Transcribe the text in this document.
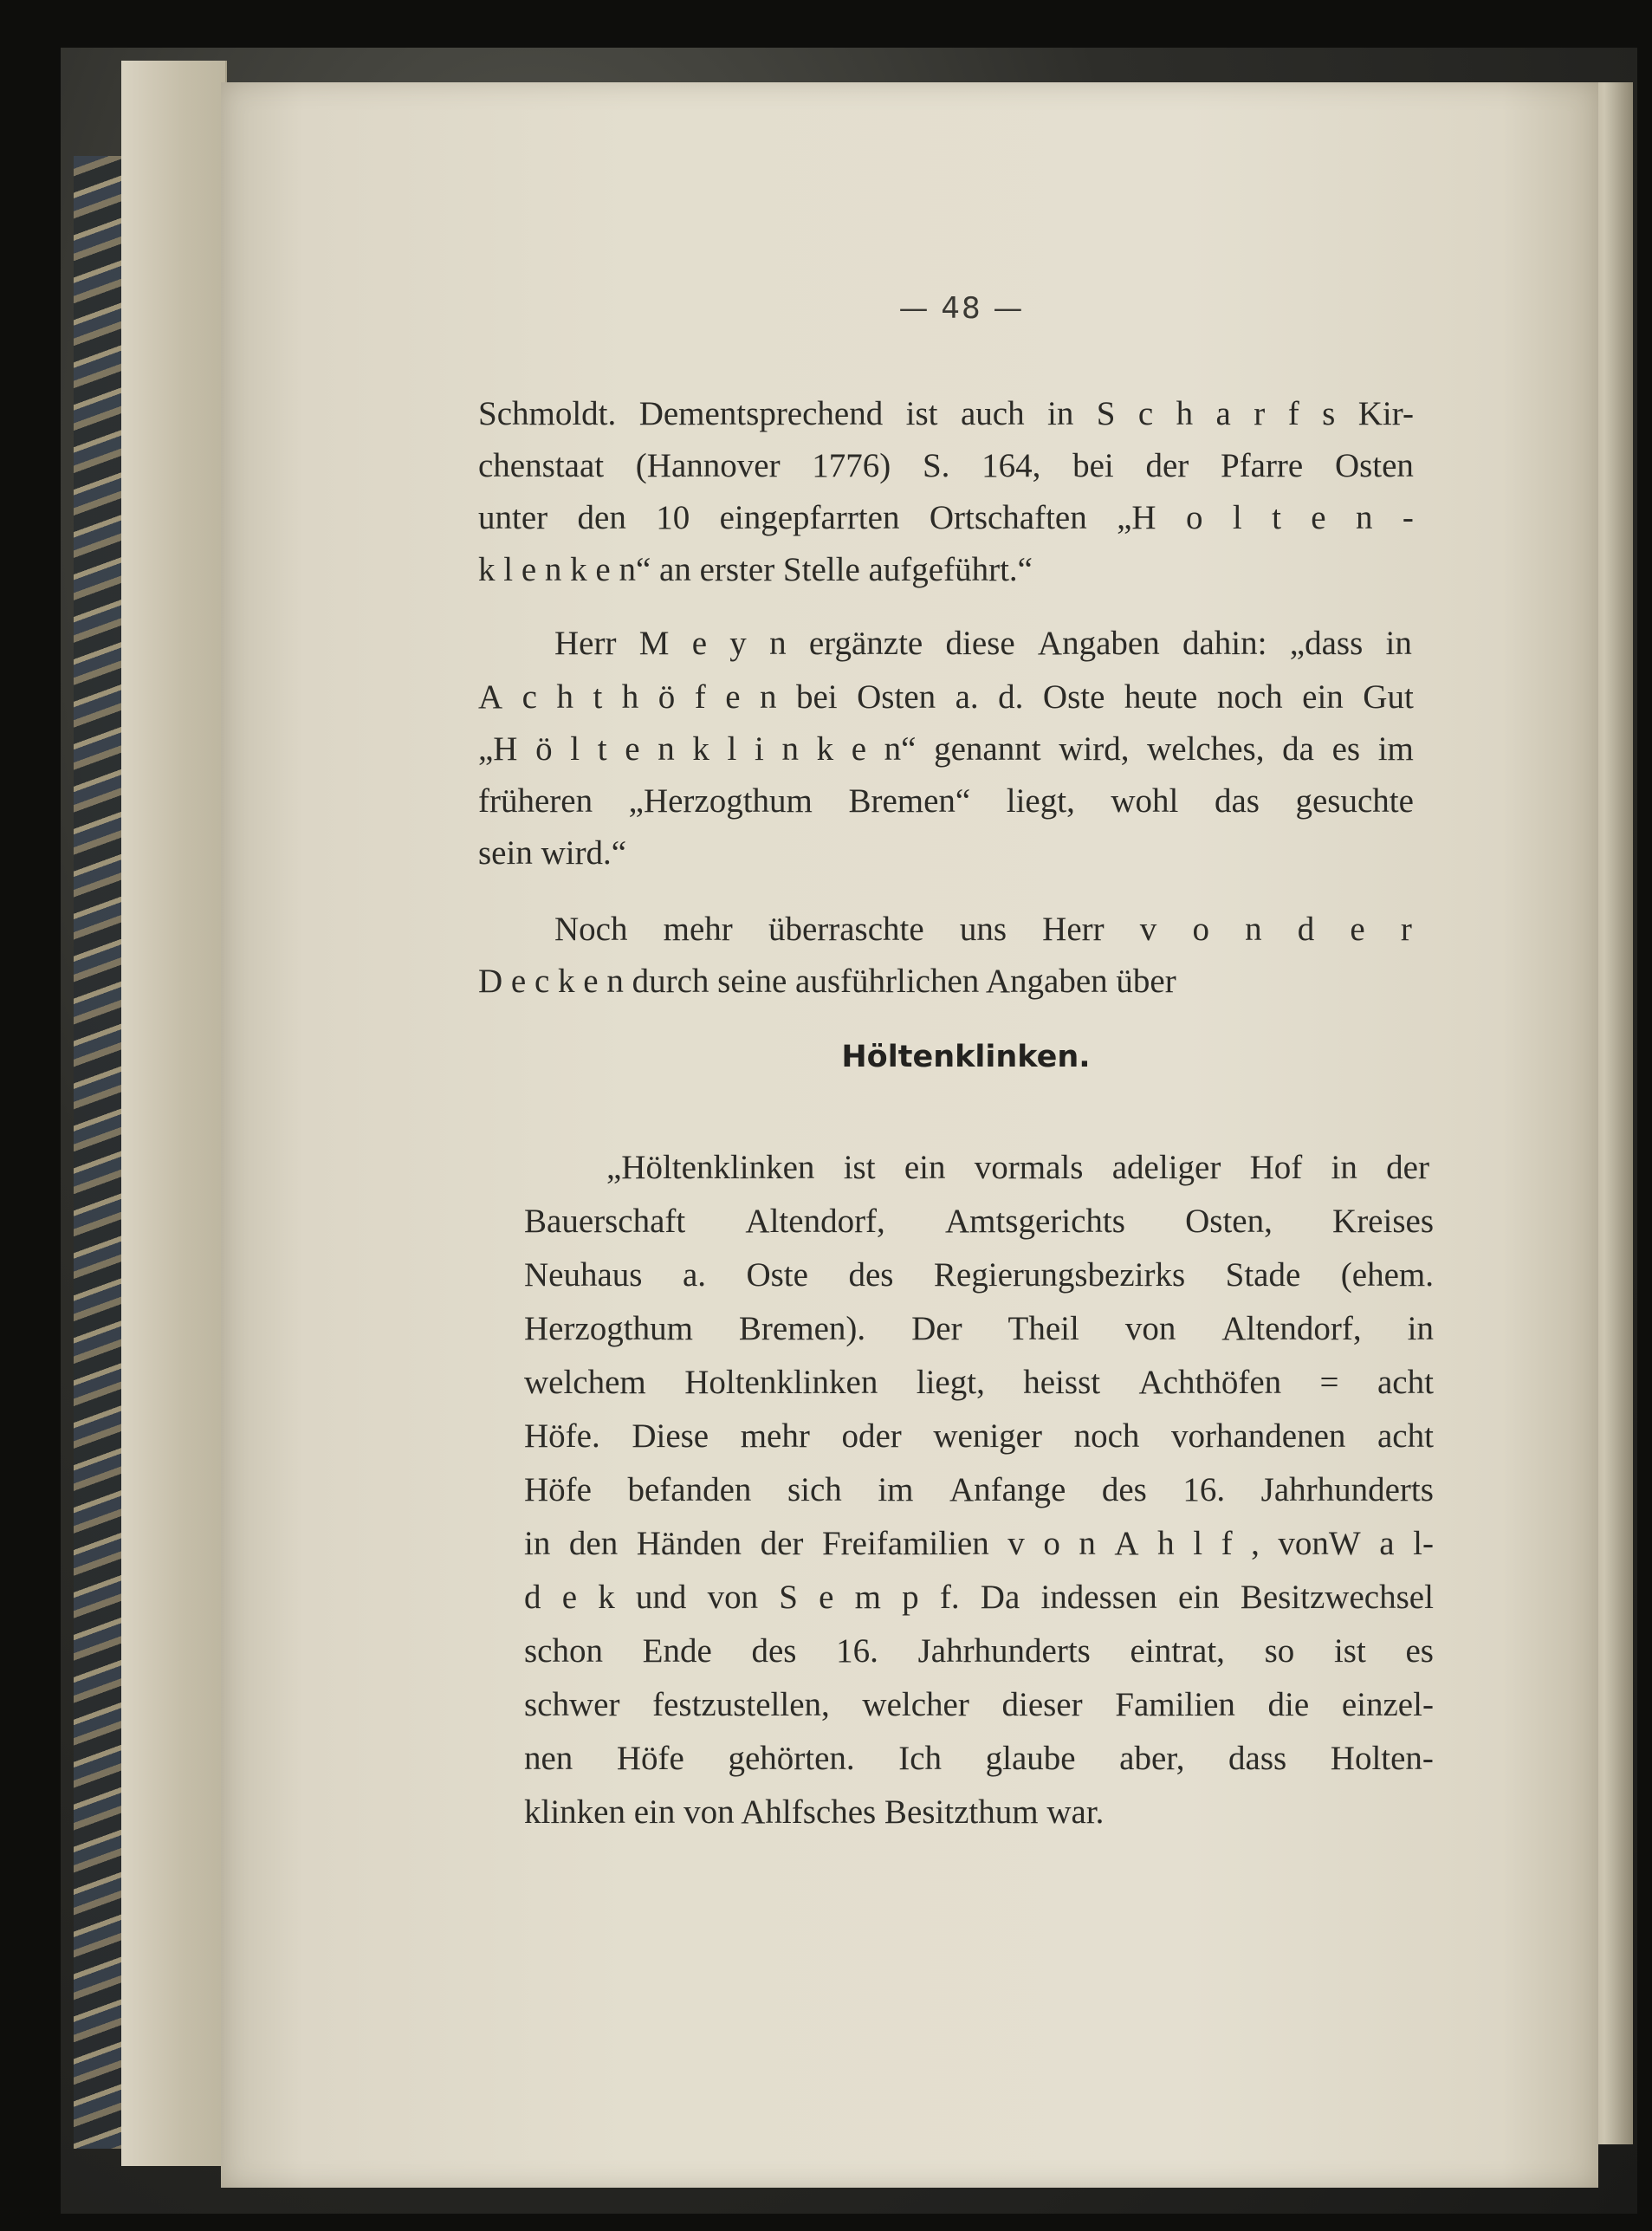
— 48 —
Schmoldt. Dementsprechend ist auch in S c h a r f s Kir-
chenstaat (Hannover 1776) S. 164, bei der Pfarre Osten
unter den 10 eingepfarrten Ortschaften „H o l t e n -
k l e n k e n“ an erster Stelle aufgeführt.“
Herr M e y n ergänzte diese Angaben dahin: „dass in
A c h t h ö f e n bei Osten a. d. Oste heute noch ein Gut
„H ö l t e n k l i n k e n“ genannt wird, welches, da es im
früheren „Herzogthum Bremen“ liegt, wohl das gesuchte
sein wird.“
Noch mehr überraschte uns Herr v o n d e r
D e c k e n durch seine ausführlichen Angaben über
Höltenklinken.
„Höltenklinken ist ein vormals adeliger Hof in der
Bauerschaft Altendorf, Amtsgerichts Osten, Kreises
Neuhaus a. Oste des Regierungsbezirks Stade (ehem.
Herzogthum Bremen). Der Theil von Altendorf, in
welchem Holtenklinken liegt, heisst Achthöfen = acht
Höfe. Diese mehr oder weniger noch vorhandenen acht
Höfe befanden sich im Anfange des 16. Jahrhunderts
in den Händen der Freifamilien v o n A h l f , vonW a l-
d e k und von S e m p f. Da indessen ein Besitzwechsel
schon Ende des 16. Jahrhunderts eintrat, so ist es
schwer festzustellen, welcher dieser Familien die einzel-
nen Höfe gehörten. Ich glaube aber, dass Holten-
klinken ein von Ahlfsches Besitzthum war.
